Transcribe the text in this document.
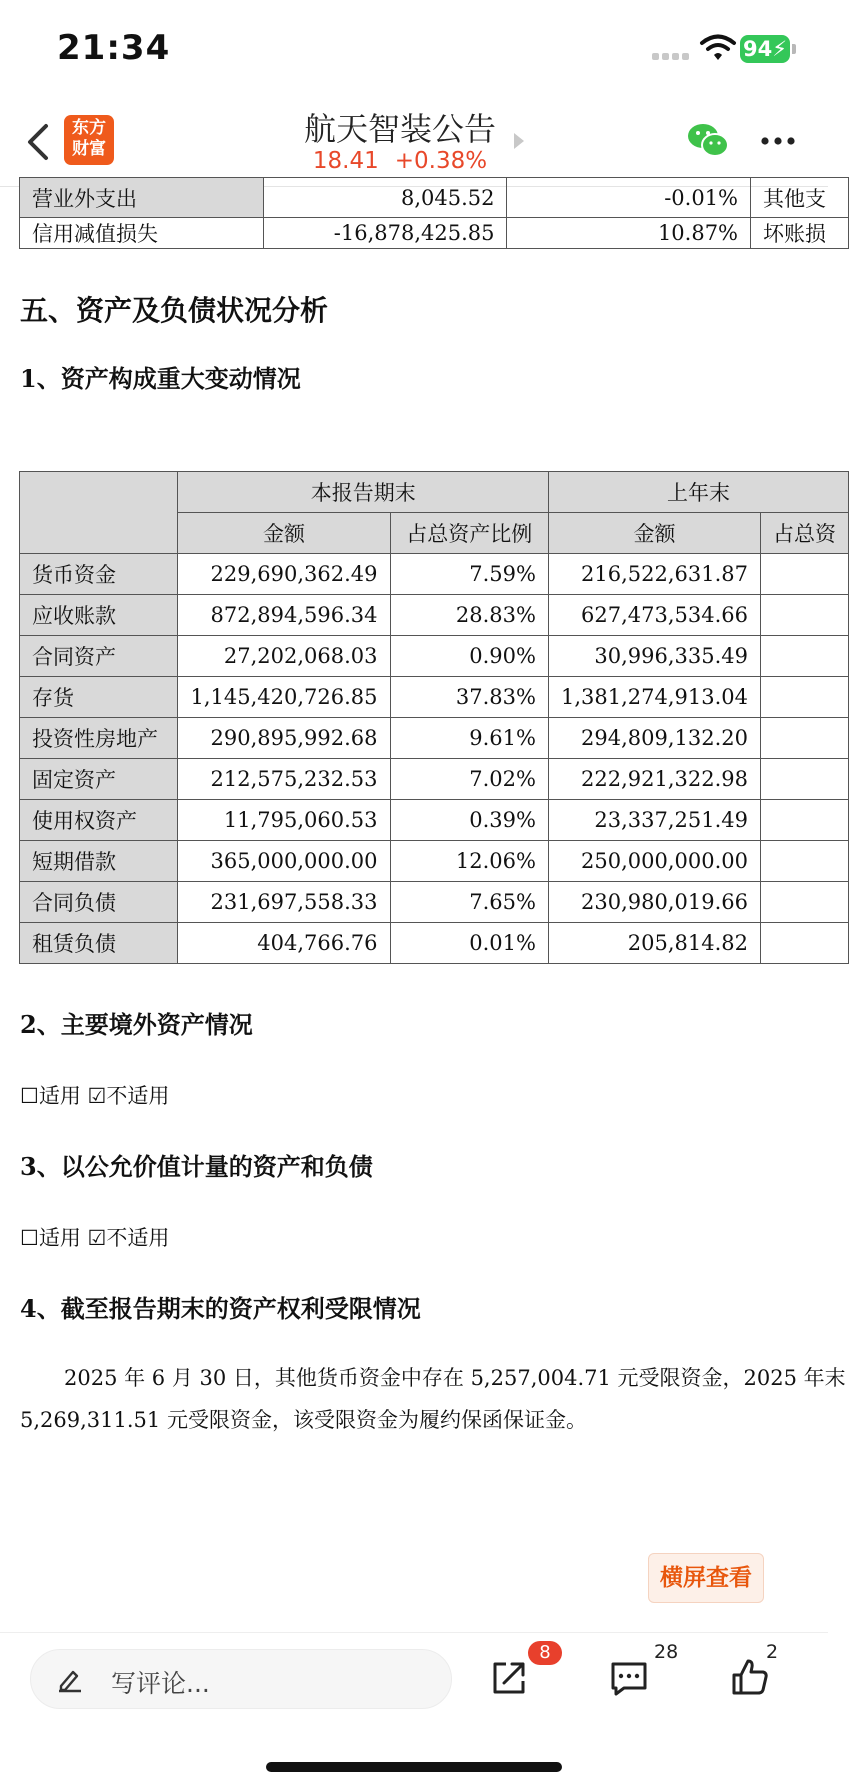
21:34	94⚡
东方
财富
航天智装公告
18.41 +0.38%
营业外支出	8,045.52	-0.01%	其他支
信用减值损失	-16,878,425.85	10.87%	坏账损
五、资产及负债状况分析
1、资产构成重大变动情况
	本报告期末		上年末	
	金额	占总资产比例	金额	占总资
货币资金	229,690,362.49	7.59%	216,522,631.87	
应收账款	872,894,596.34	28.83%	627,473,534.66	
合同资产	27,202,068.03	0.90%	30,996,335.49	
存货	1,145,420,726.85	37.83%	1,381,274,913.04	
投资性房地产	290,895,992.68	9.61%	294,809,132.20	
固定资产	212,575,232.53	7.02%	222,921,322.98	
使用权资产	11,795,060.53	0.39%	23,337,251.49	
短期借款	365,000,000.00	12.06%	250,000,000.00	
合同负债	231,697,558.33	7.65%	230,980,019.66	
租赁负债	404,766.76	0.01%	205,814.82	
2、主要境外资产情况
☐适用 ☑不适用
3、以公允价值计量的资产和负债
☐适用 ☑不适用
4、截至报告期末的资产权利受限情况
2025 年 6 月 30 日，其他货币资金中存在 5,257,004.71 元受限资金，2025 年末
5,269,311.51 元受限资金，该受限资金为履约保函保证金。
横屏查看
写评论...
8	28	2
